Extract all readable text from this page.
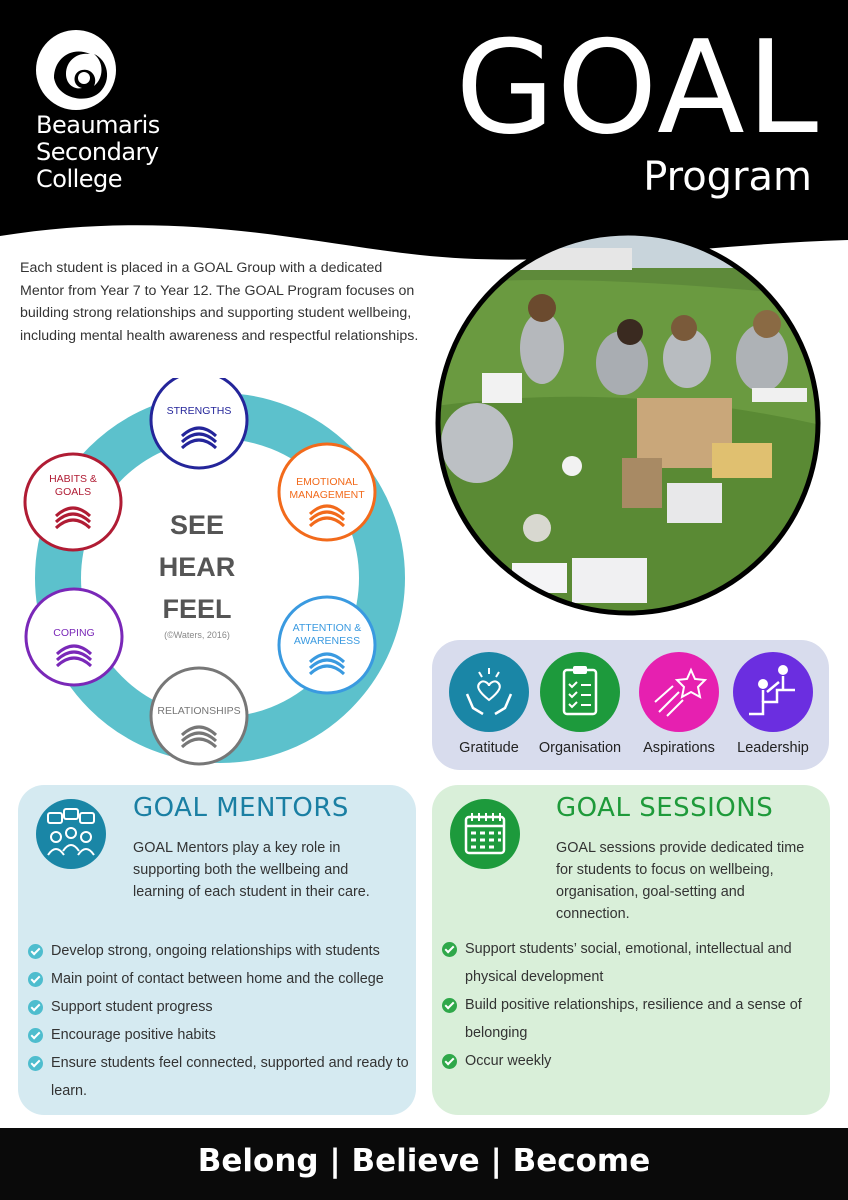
Beaumaris
Secondary
College
GOAL
Program
Each student is placed in a GOAL Group with a dedicated Mentor from Year 7 to Year 12. The GOAL Program focuses on building strong relationships and supporting student wellbeing, including mental health awareness and respectful relationships.
SEE
HEAR
FEEL
(©Waters, 2016)
STRENGTHS
EMOTIONAL
MANAGEMENT
ATTENTION &
AWARENESS
RELATIONSHIPS
COPING
HABITS &
GOALS
Gratitude	Organisation	Aspirations	Leadership
GOAL MENTORS
GOAL Mentors play a key role in supporting both the wellbeing and learning of each student in their care.
Develop strong, ongoing relationships with students
Main point of contact between home and the college
Support student progress
Encourage positive habits
Ensure students feel connected, supported and ready to learn.
GOAL SESSIONS
GOAL sessions provide dedicated time for students to focus on wellbeing, organisation, goal-setting and connection.
Support students’ social, emotional, intellectual and physical development
Build positive relationships, resilience and a sense of belonging
Occur weekly
Belong | Believe | Become
